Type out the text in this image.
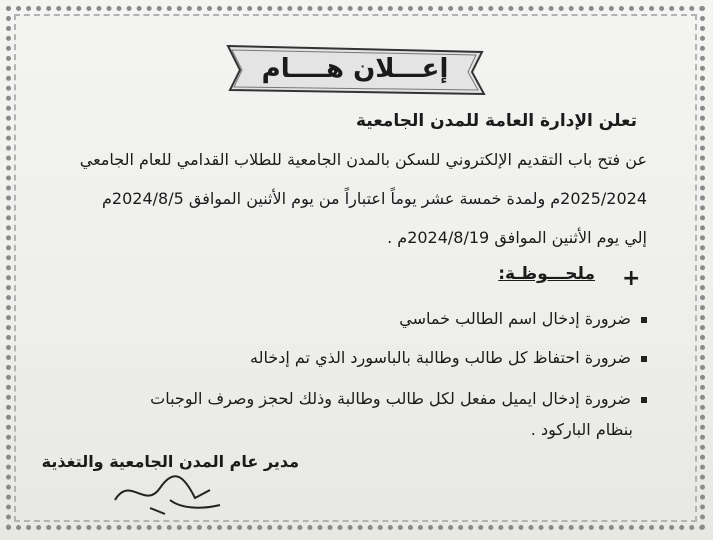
إعـــلان هــــام
تعلن الإدارة العامة للمدن الجامعية
عن فتح باب التقديم الإلكتروني للسكن بالمدن الجامعية للطلاب القدامي للعام الجامعي
2025/2024م ولمدة خمسة عشر يوماً اعتباراً من يوم الأثنين الموافق 2024/8/5م
إلي يوم الأثنين الموافق 2024/8/19م .
+
ملحـــوظـة:
ضرورة إدخال اسم الطالب خماسي
ضرورة احتفاظ كل طالب وطالبة بالباسورد الذي تم إدخاله
ضرورة إدخال ايميل مفعل لكل طالب وطالبة وذلك لحجز وصرف الوجبات
بنظام الباركود .
مدير عام المدن الجامعية والتغذية
